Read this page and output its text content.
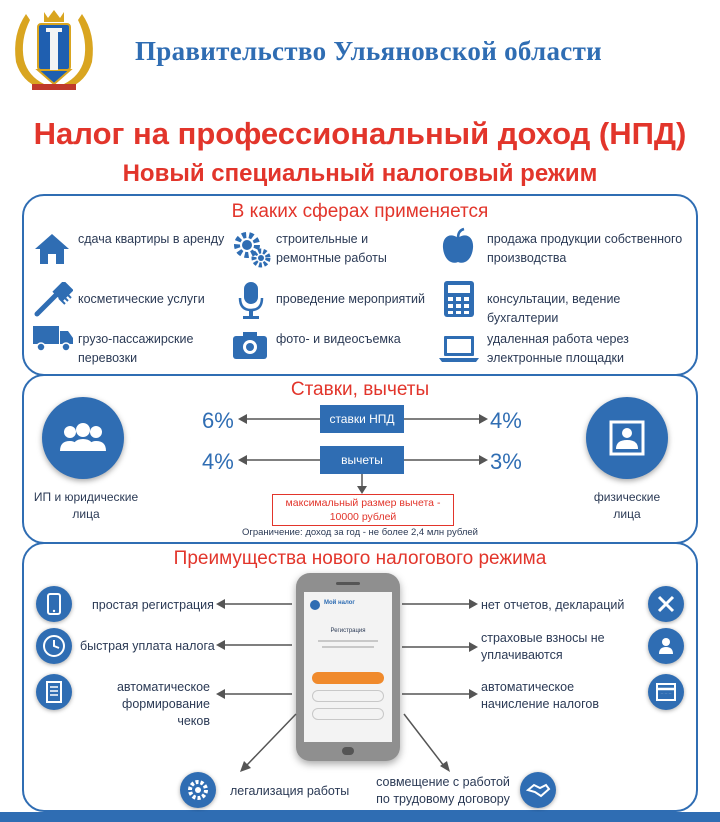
Правительство Ульяновской области
Налог на профессиональный доход (НПД)
Новый специальный налоговый режим
В каких сферах применяется
сдача квартиры в аренду	строительные и ремонтные работы
продажа продукции собственного производства
косметические услуги	проведение мероприятий	консультации, ведение бухгалтерии
грузо-пассажирские перевозки
фото- и видеосъемка	удаленная работа через электронные площадки
Ставки, вычеты
ИП и юридические лица
физические лица
6%	ставки НПД	4%
4%	вычеты	3%
максимальный размер вычета - 10000 рублей
Ограничение: доход за год - не более 2,4 млн рублей
Преимущества нового налогового режима
простая регистрация
быстрая уплата налога
автоматическое формирование чеков
нет отчетов, деклараций
страховые взносы не уплачиваются
автоматическое начисление налогов
Мой налог
Регистрация
легализация работы
совмещение с работой по трудовому договору
